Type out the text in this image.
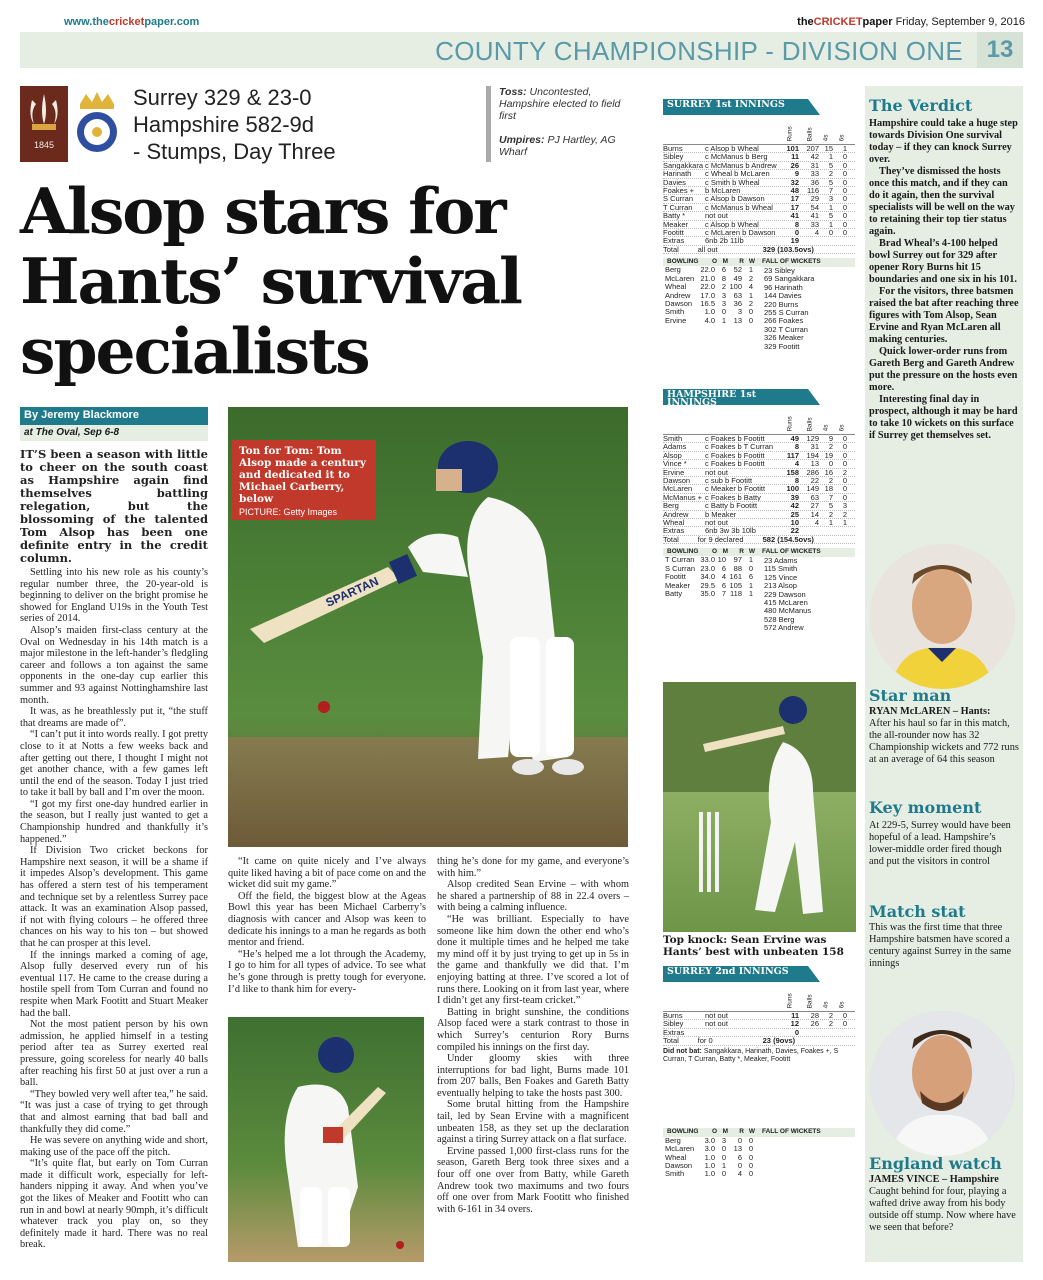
www.thecricketpaper.com	theCRICKETpaper Friday, September 9, 2016
COUNTY CHAMPIONSHIP - DIVISION ONE 13
1845
Surrey 329 & 23-0
Hampshire 582-9d
- Stumps, Day Three
Toss: Uncontested, Hampshire elected to field first
Umpires: PJ Hartley, AG Wharf
Alsop stars for Hants’ survival specialists
By Jeremy Blackmore
at The Oval, Sep 6-8

IT’S been a season with little to cheer on the south coast as Hampshire again find themselves battling relegation, but the blossoming of the talented Tom Alsop has been one definite entry in the credit column.

Settling into his new role as his county’s regular number three, the 20-year-old is beginning to deliver on the bright promise he showed for England U19s in the Youth Test series of 2014.

Alsop’s maiden first-class century at the Oval on Wednesday in his 14th match is a major milestone in the left-hander’s fledgling career and follows a ton against the same opponents in the one-day cup earlier this summer and 93 against Nottinghamshire last month.

It was, as he breathlessly put it, “the stuff that dreams are made of”.

“I can’t put it into words really. I got pretty close to it at Notts a few weeks back and after getting out there, I thought I might not get another chance, with a few games left until the end of the season. Today I just tried to take it ball by ball and I’m over the moon.

“I got my first one-day hundred earlier in the season, but I really just wanted to get a Championship hundred and thankfully it’s happened.”

If Division Two cricket beckons for Hampshire next season, it will be a shame if it impedes Alsop’s development. This game has offered a stern test of his temperament and technique set by a relentless Surrey pace attack. It was an examination Alsop passed, if not with flying colours – he offered three chances on his way to his ton – but showed that he can prosper at this level.

If the innings marked a coming of age, Alsop fully deserved every run of his eventual 117. He came to the crease during a hostile spell from Tom Curran and found no respite when Mark Footitt and Stuart Meaker had the ball.

Not the most patient person by his own admission, he applied himself in a testing period after tea as Surrey exerted real pressure, going scoreless for nearly 40 balls after reaching his first 50 at just over a run a ball.

“They bowled very well after tea,” he said. “It was just a case of trying to get through that and almost earning that bad ball and thankfully they did come.”

He was severe on anything wide and short, making use of the pace off the pitch.

“It’s quite flat, but early on Tom Curran made it difficult work, especially for left-handers nipping it away. And when you’ve got the likes of Meaker and Footitt who can run in and bowl at nearly 90mph, it’s difficult whatever track you play on, so they definitely made it hard. There was no real break.

SPARTAN
Ton for Tom: Tom Alsop made a century and dedicated it to Michael Carberry, below
PICTURE: Getty Images

“It came on quite nicely and I’ve always quite liked having a bit of pace come on and the wicket did suit my game.”

Off the field, the biggest blow at the Ageas Bowl this year has been Michael Carberry’s diagnosis with cancer and Alsop was keen to dedicate his innings to a man he regards as both mentor and friend.

“He’s helped me a lot through the Academy, I go to him for all types of advice. To see what he’s gone through is pretty tough for everyone. I’d like to thank him for every-

thing he’s done for my game, and everyone’s with him.”

Alsop credited Sean Ervine – with whom he shared a partnership of 88 in 22.4 overs – with being a calming influence.

“He was brilliant. Especially to have someone like him down the other end who’s done it multiple times and he helped me take my mind off it by just trying to get up in 5s in the game and thankfully we did that. I’m enjoying batting at three. I’ve scored a lot of runs there. Looking on it from last year, where I didn’t get any first-team cricket.”

Batting in bright sunshine, the conditions Alsop faced were a stark contrast to those in which Surrey’s centurion Rory Burns compiled his innings on the first day.

Under gloomy skies with three interruptions for bad light, Burns made 101 from 207 balls, Ben Foakes and Gareth Batty eventually helping to take the hosts past 300.

Some brutal hitting from the Hampshire tail, led by Sean Ervine with a magnificent unbeaten 158, as they set up the declaration against a tiring Surrey attack on a flat surface.

Ervine passed 1,000 first-class runs for the season, Gareth Berg took three sixes and a four off one over from Batty, while Gareth Andrew took two maximums and two fours off one over from Mark Footitt who finished with 6-161 in 34 overs.

SURREY 1st INNINGS
Runs Balls 4s 6s
Burns	c Alsop b Wheal	101 207 15	1
Sibley	c McManus b Berg	11	42	1	0
Sangakkara c McManus b Andrew	26	31	5	0
Harinath	c Wheal b McLaren	9	33	2	0
Davies	c Smith b Wheal	32	36	5	0
Foakes +	b McLaren	48	116	7	0
S Curran	c Alsop b Dawson	17	29	3	0
T Curran	c McManus b Wheal	17	54	1	0
Batty *	not out	41	41	5	0
Meaker	c Alsop b Wheal	8	33	1	0
Footitt	c McLaren b Dawson	0	4	0	0
Extras	6nb 2b 11lb	19
Total	all out	329 (103.5ovs)
BOWLING	O M	R W
Berg	22.0 6	52 1
McLaren 21.0 8	49 2
Wheal	22.0 2 100 4
Andrew	17.0 3	63 1
Dawson	16.5 3	36 2
Smith	1.0 0	3 0
Ervine	4.0 1	13 0
FALL OF WICKETS
23 Sibley
69 Sangakkara
96 Harinath
144 Davies
220 Burns
255 S Curran
266 Foakes
302 T Curran
326 Meaker
329 Footitt
HAMPSHIRE 1st INNINGS
Runs Balls 4s 6s
Smith	c Foakes b Footitt	49 129	9	0
Adams	c Foakes b T Curran	8	31	2	0
Alsop	c Foakes b Footitt	117 194 19	0
Vince *	c Foakes b Footitt	4	13	0	0
Ervine	not out	158 286 16	2
Dawson	c sub b Footitt	8	22	2	0
McLaren	c Meaker b Footitt	100 149 18	0
McManus + c Foakes b Batty	39	63	7	0
Berg	c Batty b Footitt	42	27	5	3
Andrew	b Meaker	25	14	2	2
Wheal	not out	10	4	1	1
Extras	6nb 3w 3b 10lb	22
Total	for 9 declared	582 (154.5ovs)
BOWLING	O M	R W
T Curran 33.0 10	97 1
S Curran 23.0 6	88 0
Footitt	34.0 4 161 6
Meaker	29.5 6 105 1
Batty	35.0 7 118 1
FALL OF WICKETS
23 Adams
115 Smith
125 Vince
213 Alsop
229 Dawson
415 McLaren
480 McManus
528 Berg
572 Andrew
Top knock: Sean Ervine was Hants’ best with unbeaten 158
SURREY 2nd INNINGS
Runs Balls 4s 6s
Burns	not out	11	28	2	0
Sibley	not out	12	26	2	0
Extras	0
Total	for 0	23 (9ovs)
Did not bat: Sangakkara, Harinath, Davies, Foakes +, S Curran, T Curran, Batty *, Meaker, Footitt
BOWLING	O M	R W
Berg	3.0 3	0 0
McLaren	3.0 0	13 0
Wheal	1.0 0	6 0
Dawson	1.0 1	0 0
Smith	1.0 0	4 0
FALL OF WICKETS
The Verdict

Hampshire could take a huge step towards Division One survival today – if they can knock Surrey over.

They’ve dismissed the hosts once this match, and if they can do it again, then the survival specialists will be well on the way to retaining their top tier status again.

Brad Wheal’s 4-100 helped bowl Surrey out for 329 after opener Rory Burns hit 15 boundaries and one six in his 101.

For the visitors, three batsmen raised the bat after reaching three figures with Tom Alsop, Sean Ervine and Ryan McLaren all making centuries.

Quick lower-order runs from Gareth Berg and Gareth Andrew put the pressure on the hosts even more.

Interesting final day in prospect, although it may be hard to take 10 wickets on this surface if Surrey get themselves set.

Star man
RYAN McLAREN – Hants:
After his haul so far in this match, the all-rounder now has 32 Championship wickets and 772 runs at an average of 64 this season
Key moment
At 229-5, Surrey would have been hopeful of a lead. Hampshire’s lower-middle order fired though and put the visitors in control
Match stat
This was the first time that three Hampshire batsmen have scored a century against Surrey in the same innings
England watch
JAMES VINCE – Hampshire
Caught behind for four, playing a wafted drive away from his body outside off stump. Now where have we seen that before?
